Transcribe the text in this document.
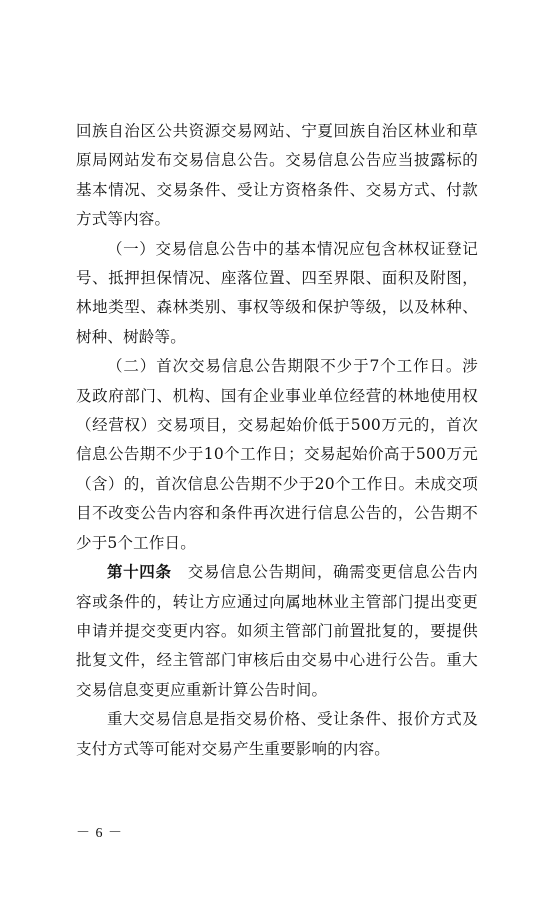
回族自治区公共资源交易网站、宁夏回族自治区林业和草原局网站发布交易信息公告。交易信息公告应当披露标的基本情况、交易条件、受让方资格条件、交易方式、付款方式等内容。

（一）交易信息公告中的基本情况应包含林权证登记号、抵押担保情况、座落位置、四至界限、面积及附图，林地类型、森林类别、事权等级和保护等级，以及林种、树种、树龄等。

（二）首次交易信息公告期限不少于7个工作日。涉及政府部门、机构、国有企业事业单位经营的林地使用权（经营权）交易项目，交易起始价低于500万元的，首次信息公告期不少于10个工作日；交易起始价高于500万元（含）的，首次信息公告期不少于20个工作日。未成交项目不改变公告内容和条件再次进行信息公告的，公告期不少于5个工作日。

第十四条　 交易信息公告期间，确需变更信息公告内容或条件的，转让方应通过向属地林业主管部门提出变更申请并提交变更内容。如须主管部门前置批复的，要提供批复文件，经主管部门审核后由交易中心进行公告。重大交易信息变更应重新计算公告时间。

重大交易信息是指交易价格、受让条件、报价方式及支付方式等可能对交易产生重要影响的内容。

－ 6 －
